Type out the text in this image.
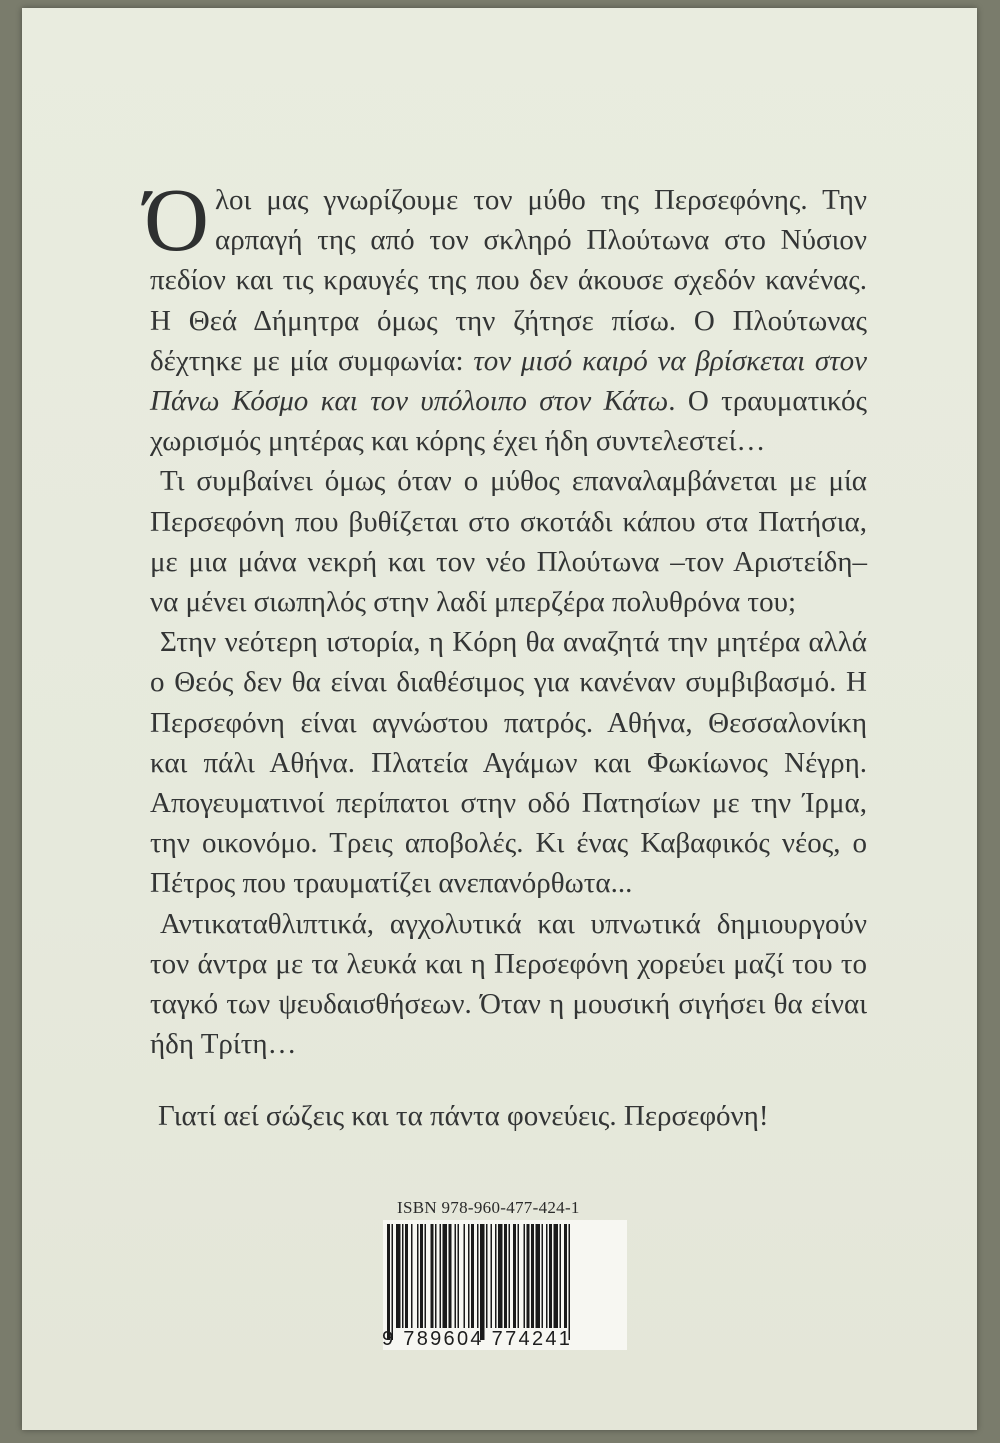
Όλοι μας γνωρίζουμε τον μύθο της Περσεφόνης. Την αρπαγή της από τον σκληρό Πλούτωνα στο Νύσιον πεδίον και τις κραυγές της που δεν άκουσε σχεδόν κανένας. Η Θεά Δήμητρα όμως την ζήτησε πίσω. Ο Πλούτωνας δέχτηκε με μία συμφωνία: τον μισό καιρό να βρίσκεται στον Πάνω Κόσμο και τον υπόλοιπο στον Κάτω. Ο τραυματικός χωρισμός μητέρας και κόρης έχει ήδη συντελεστεί…

Τι συμβαίνει όμως όταν ο μύθος επαναλαμβάνεται με μία Περσεφόνη που βυθίζεται στο σκοτάδι κάπου στα Πατήσια, με μια μάνα νεκρή και τον νέο Πλούτωνα –τον Αριστείδη– να μένει σιωπηλός στην λαδί μπερζέρα πολυθρόνα του;

Στην νεότερη ιστορία, η Κόρη θα αναζητά την μητέρα αλλά ο Θεός δεν θα είναι διαθέσιμος για κανέναν συμβιβασμό. Η Περσεφόνη είναι αγνώστου πατρός. Αθήνα, Θεσσαλονίκη και πάλι Αθήνα. Πλατεία Αγάμων και Φωκίωνος Νέγρη. Απογευματινοί περίπατοι στην οδό Πατησίων με την Ίρμα, την οικονόμο. Τρεις αποβολές. Κι ένας Καβαφικός νέος, ο Πέτρος που τραυματίζει ανεπανόρθωτα...

Αντικαταθλιπτικά, αγχολυτικά και υπνωτικά δημιουργούν τον άντρα με τα λευκά και η Περσεφόνη χορεύει μαζί του το ταγκό των ψευδαισθήσεων. Όταν η μουσική σιγήσει θα είναι ήδη Τρίτη…

Γιατί αεί σώζεις και τα πάντα φονεύεις. Περσεφόνη!
ISBN 978-960-477-424-1
9 789604 774241
